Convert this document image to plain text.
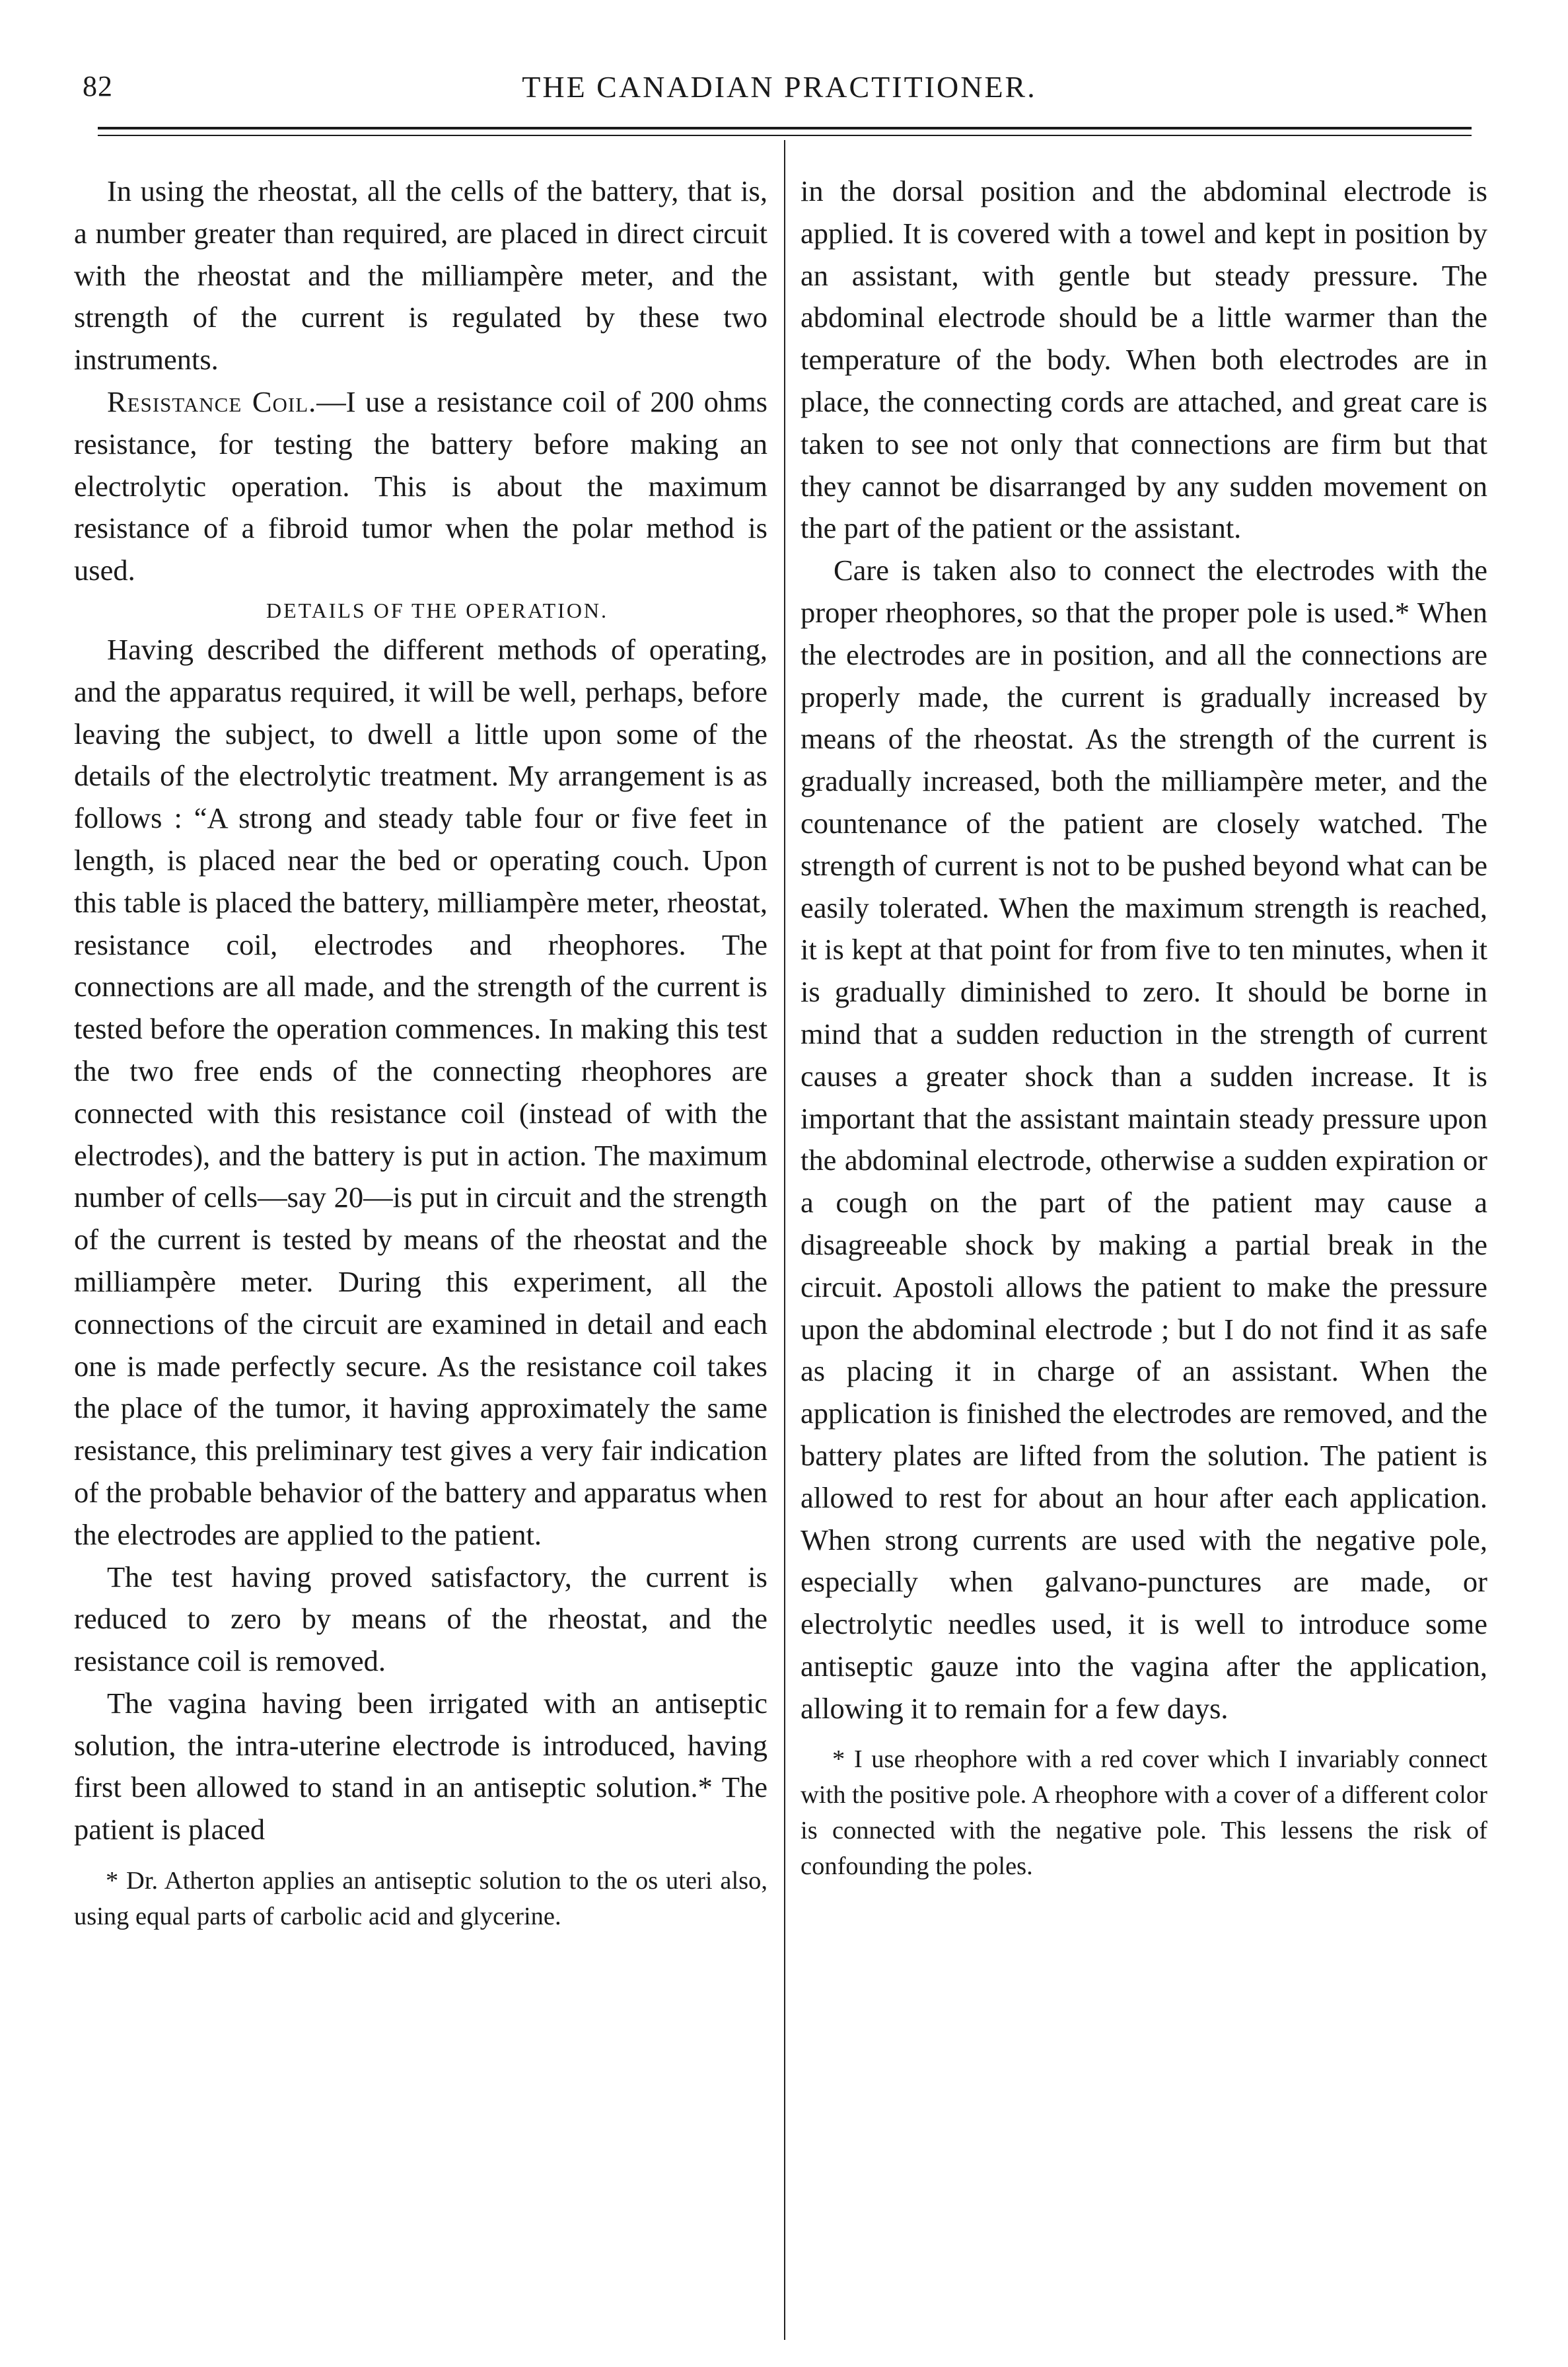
82	THE CANADIAN PRACTITIONER.

In using the rheostat, all the cells of the battery, that is, a number greater than required, are placed in direct circuit with the rheostat and the milliampère meter, and the strength of the current is regulated by these two instruments.

Resistance Coil.—I use a resistance coil of 200 ohms resistance, for testing the battery before making an electrolytic operation. This is about the maximum resistance of a fibroid tumor when the polar method is used.

DETAILS OF THE OPERATION.

Having described the different methods of operating, and the apparatus required, it will be well, perhaps, before leaving the subject, to dwell a little upon some of the details of the electrolytic treatment. My arrangement is as follows : “A strong and steady table four or five feet in length, is placed near the bed or operating couch. Upon this table is placed the battery, milliampère meter, rheostat, resistance coil, electrodes and rheophores. The connections are all made, and the strength of the current is tested before the operation commences. In making this test the two free ends of the connecting rheophores are connected with this resistance coil (instead of with the electrodes), and the battery is put in action. The maximum number of cells—say 20—is put in circuit and the strength of the current is tested by means of the rheostat and the milliampère meter. During this experiment, all the connections of the circuit are examined in detail and each one is made perfectly secure. As the resistance coil takes the place of the tumor, it having approximately the same resistance, this preliminary test gives a very fair indication of the probable behavior of the battery and apparatus when the electrodes are applied to the patient.

The test having proved satisfactory, the current is reduced to zero by means of the rheostat, and the resistance coil is removed.

The vagina having been irrigated with an antiseptic solution, the intra-uterine electrode is introduced, having first been allowed to stand in an antiseptic solution.* The patient is placed

* Dr. Atherton applies an antiseptic solution to the os uteri also, using equal parts of carbolic acid and glycerine.

in the dorsal position and the abdominal electrode is applied. It is covered with a towel and kept in position by an assistant, with gentle but steady pressure. The abdominal electrode should be a little warmer than the temperature of the body. When both electrodes are in place, the connecting cords are attached, and great care is taken to see not only that connections are firm but that they cannot be disarranged by any sudden movement on the part of the patient or the assistant.

Care is taken also to connect the electrodes with the proper rheophores, so that the proper pole is used.* When the electrodes are in position, and all the connections are properly made, the current is gradually increased by means of the rheostat. As the strength of the current is gradually increased, both the milliampère meter, and the countenance of the patient are closely watched. The strength of current is not to be pushed beyond what can be easily tolerated. When the maximum strength is reached, it is kept at that point for from five to ten minutes, when it is gradually diminished to zero. It should be borne in mind that a sudden reduction in the strength of current causes a greater shock than a sudden increase. It is important that the assistant maintain steady pressure upon the abdominal electrode, otherwise a sudden expiration or a cough on the part of the patient may cause a disagreeable shock by making a partial break in the circuit. Apostoli allows the patient to make the pressure upon the abdominal electrode ; but I do not find it as safe as placing it in charge of an assistant. When the application is finished the electrodes are removed, and the battery plates are lifted from the solution. The patient is allowed to rest for about an hour after each application. When strong currents are used with the negative pole, especially when galvano-punctures are made, or electrolytic needles used, it is well to introduce some antiseptic gauze into the vagina after the application, allowing it to remain for a few days.

* I use rheophore with a red cover which I invariably connect with the positive pole. A rheophore with a cover of a different color is connected with the negative pole. This lessens the risk of confounding the poles.
